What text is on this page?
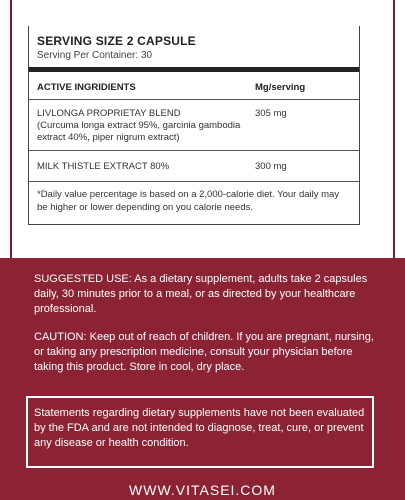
SERVING SIZE 2 CAPSULE
Serving Per Container: 30
ACTIVE INGRIDIENTS	Mg/serving
LIVLONGA PROPRIETAY BLEND
(Curcuma longa extract 95%, garcinia gambodia extract 40%, piper nigrum extract)
305 mg
MILK THISTLE EXTRACT 80%	300 mg
*Daily value percentage is based on a 2,000-calorie diet. Your daily may be higher or lower depending on you calorie needs.
SUGGESTED USE: As a dietary supplement, adults take 2 capsules daily, 30 minutes prior to a meal, or as directed by your healthcare professional.
CAUTION: Keep out of reach of children. If you are pregnant, nursing, or taking any prescription medicine, consult your physician before taking this product. Store in cool, dry place.
Statements regarding dietary supplements have not been evaluated by the FDA and are not intended to diagnose, treat, cure, or prevent any disease or health condition.
WWW.VITASEI.COM
